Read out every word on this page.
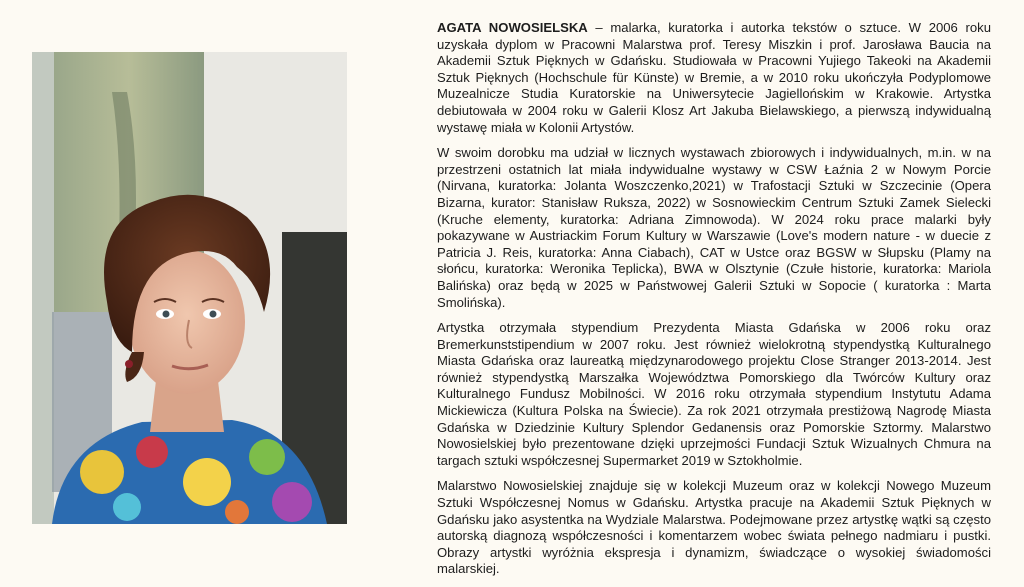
AGATA NOWOSIELSKA – malarka, kuratorka i autorka tekstów o sztuce. W 2006 roku uzyskała dyplom w Pracowni Malarstwa prof. Teresy Miszkin i prof. Jarosława Baucia na Akademii Sztuk Pięknych w Gdańsku. Studiowała w Pracowni Yujiego Takeoki na Akademii Sztuk Pięknych (Hochschule für Künste) w Bremie, a w 2010 roku ukończyła Podyplomowe Muzealnicze Studia Kuratorskie na Uniwersytecie Jagiellońskim w Krakowie. Artystka debiutowała w 2004 roku w Galerii Klosz Art Jakuba Bielawskiego, a pierwszą indywidualną wystawę miała w Kolonii Artystów.

W swoim dorobku ma udział w licznych wystawach zbiorowych i indywidualnych, m.in. w na przestrzeni ostatnich lat miała indywidualne wystawy w CSW Łaźnia 2 w Nowym Porcie (Nirvana, kuratorka: Jolanta Woszczenko,2021) w Trafostacji Sztuki w Szczecinie (Opera Bizarna, kurator: Stanisław Ruksza, 2022) w Sosnowieckim Centrum Sztuki Zamek Sielecki (Kruche elementy, kuratorka: Adriana Zimnowoda). W 2024 roku prace malarki były pokazywane w Austriackim Forum Kultury w Warszawie (Love's modern nature - w duecie z Patricia J. Reis, kuratorka: Anna Ciabach), CAT w Ustce oraz BGSW w Słupsku (Plamy na słońcu, kuratorka: Weronika Teplicka), BWA w Olsztynie (Czułe historie, kuratorka: Mariola Balińska) oraz będą w 2025 w Państwowej Galerii Sztuki w Sopocie ( kuratorka : Marta Smolińska).

Artystka otrzymała stypendium Prezydenta Miasta Gdańska w 2006 roku oraz Bremerkunststipendium w 2007 roku. Jest również wielokrotną stypendystką Kulturalnego Miasta Gdańska oraz laureatką międzynarodowego projektu Close Stranger 2013-2014. Jest również stypendystką Marszałka Województwa Pomorskiego dla Twórców Kultury oraz Kulturalnego Fundusz Mobilności. W 2016 roku otrzymała stypendium Instytutu Adama Mickiewicza (Kultura Polska na Świecie). Za rok 2021 otrzymała prestiżową Nagrodę Miasta Gdańska w Dziedzinie Kultury Splendor Gedanensis oraz Pomorskie Sztormy. Malarstwo Nowosielskiej było prezentowane dzięki uprzejmości Fundacji Sztuk Wizualnych Chmura na targach sztuki współczesnej Supermarket 2019 w Sztokholmie.

Malarstwo Nowosielskiej znajduje się w kolekcji Muzeum oraz w kolekcji Nowego Muzeum Sztuki Współczesnej Nomus w Gdańsku. Artystka pracuje na Akademii Sztuk Pięknych w Gdańsku jako asystentka na Wydziale Malarstwa. Podejmowane przez artystkę wątki są często autorską diagnozą współczesności i komentarzem wobec świata pełnego nadmiaru i pustki. Obrazy artystki wyróżnia ekspresja i dynamizm, świadczące o wysokiej świadomości malarskiej.
